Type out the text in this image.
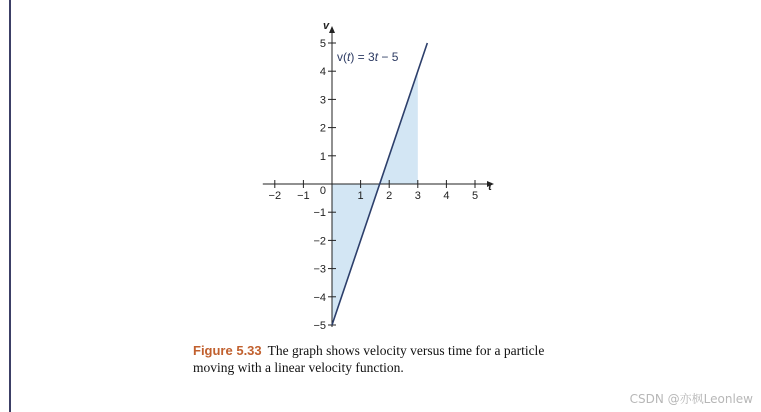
−2 −1	1 2 3 4 5
−5
−4
−3
−2
−1
1
2
3
4
5
0	t
v
v(t) = 3t − 5
Figure 5.33 The graph shows velocity versus time for a particle moving with a linear velocity function.
CSDN @亦枫Leonlew
